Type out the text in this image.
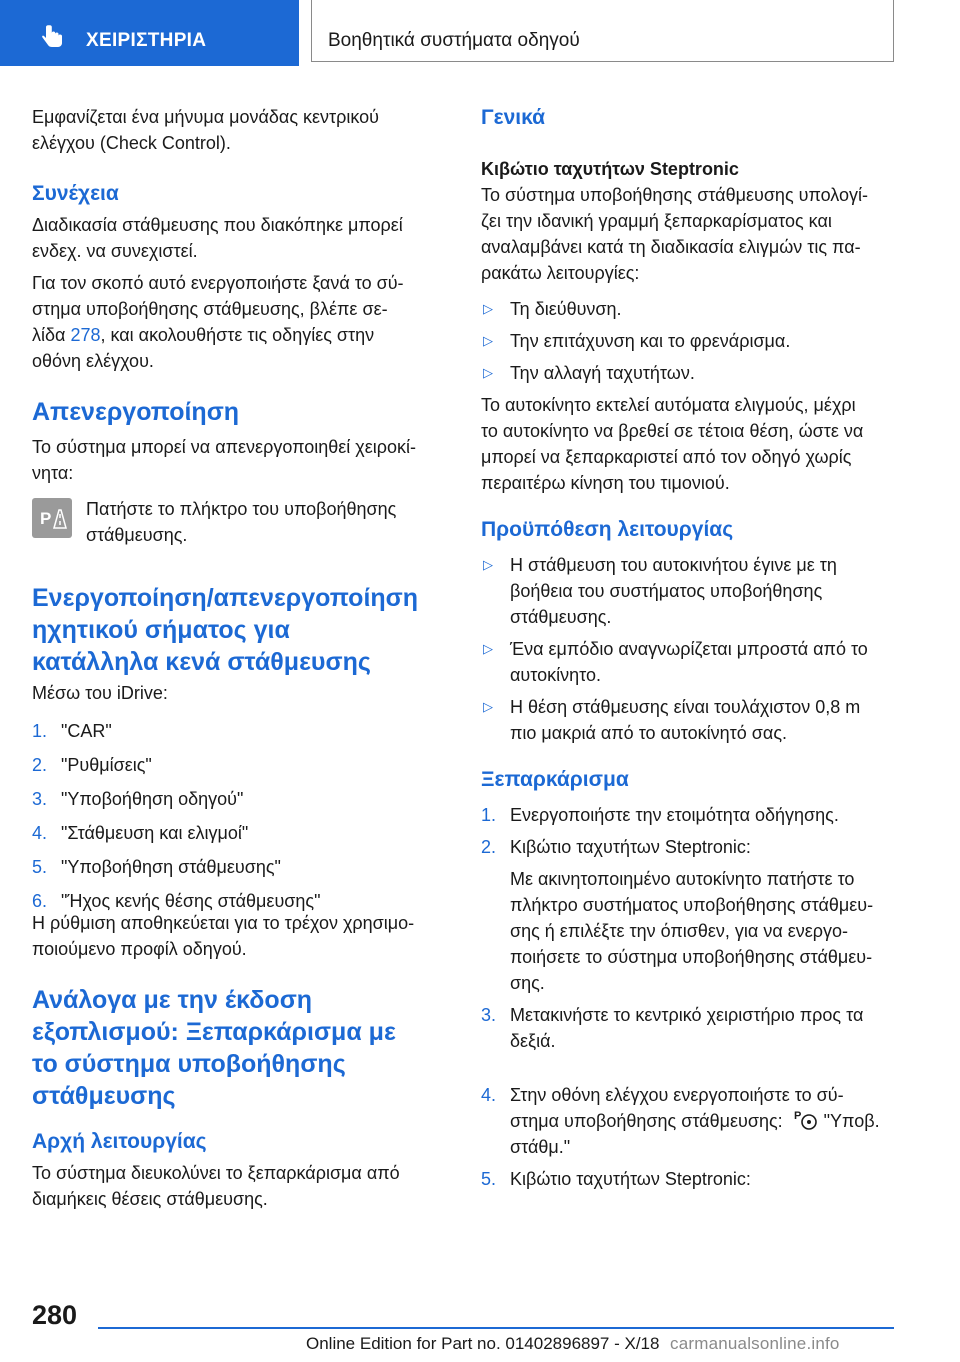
ΧΕΙΡΙΣΤΗΡΙΑ	Βοηθητικά συστήματα οδηγού

Εμφανίζεται ένα μήνυμα μονάδας κεντρικού

ελέγχου (Check Control).

Συνέχεια

Διαδικασία στάθμευσης που διακόπηκε μπορεί

ενδεχ. να συνεχιστεί.

Για τον σκοπό αυτό ενεργοποιήστε ξανά το σύ-

στημα υποβοήθησης στάθμευσης, βλέπε σε-

λίδα 278, και ακολουθήστε τις οδηγίες στην

οθόνη ελέγχου.

Απενεργοποίηση

Το σύστημα μπορεί να απενεργοποιηθεί χειροκί-

νητα:

P Πατήστε το πλήκτρο του υποβοήθησης

στάθμευσης.

Ενεργοποίηση/απενεργοποίηση
ηχητικού σήματος για
κατάλληλα κενά στάθμευσης

Μέσω του iDrive:

1. "CAR"

2. "Ρυθμίσεις"

3. "Υποβοήθηση οδηγού"

4. "Στάθμευση και ελιγμοί"

5. "Υποβοήθηση στάθμευσης"

6. "Ήχος κενής θέσης στάθμευσης"

Η ρύθμιση αποθηκεύεται για το τρέχον χρησιμο-

ποιούμενο προφίλ οδηγού.

Ανάλογα με την έκδοση
εξοπλισμού: Ξεπαρκάρισμα με
το σύστημα υποβοήθησης
στάθμευσης
Αρχή λειτουργίας

Το σύστημα διευκολύνει το ξεπαρκάρισμα από

διαμήκεις θέσεις στάθμευσης.

Γενικά
Κιβώτιο ταχυτήτων Steptronic

Το σύστημα υποβοήθησης στάθμευσης υπολογί-

ζει την ιδανική γραμμή ξεπαρκαρίσματος και

αναλαμβάνει κατά τη διαδικασία ελιγμών τις πα-

ρακάτω λειτουργίες:

▷ Τη διεύθυνση.

▷ Την επιτάχυνση και το φρενάρισμα.

▷ Την αλλαγή ταχυτήτων.

Το αυτοκίνητο εκτελεί αυτόματα ελιγμούς, μέχρι

το αυτοκίνητο να βρεθεί σε τέτοια θέση, ώστε να

μπορεί να ξεπαρκαριστεί από τον οδηγό χωρίς

περαιτέρω κίνηση του τιμονιού.

Προϋπόθεση λειτουργίας
▷ Η στάθμευση του αυτοκινήτου έγινε με τη

βοήθεια του συστήματος υποβοήθησης

στάθμευσης.

▷ Ένα εμπόδιο αναγνωρίζεται μπροστά από το

αυτοκίνητο.

▷ Η θέση στάθμευσης είναι τουλάχιστον 0,8 m

πιο μακριά από το αυτοκίνητό σας.

Ξεπαρκάρισμα
1. Ενεργοποιήστε την ετοιμότητα οδήγησης.

2. Κιβώτιο ταχυτήτων Steptronic:

Με ακινητοποιημένο αυτοκίνητο πατήστε το

πλήκτρο συστήματος υποβοήθησης στάθμευ-

σης ή επιλέξτε την όπισθεν, για να ενεργο-

ποιήσετε το σύστημα υποβοήθησης στάθμευ-

σης.

3. Μετακινήστε το κεντρικό χειριστήριο προς τα

δεξιά.

4. Στην οθόνη ελέγχου ενεργοποιήστε το σύ-

στημα υποβοήθησης στάθμευσης: P "Υποβ.

στάθμ."

5. Κιβώτιο ταχυτήτων Steptronic:

280
Online Edition for Part no. 01402896897 - X/18 carmanualsonline.info
